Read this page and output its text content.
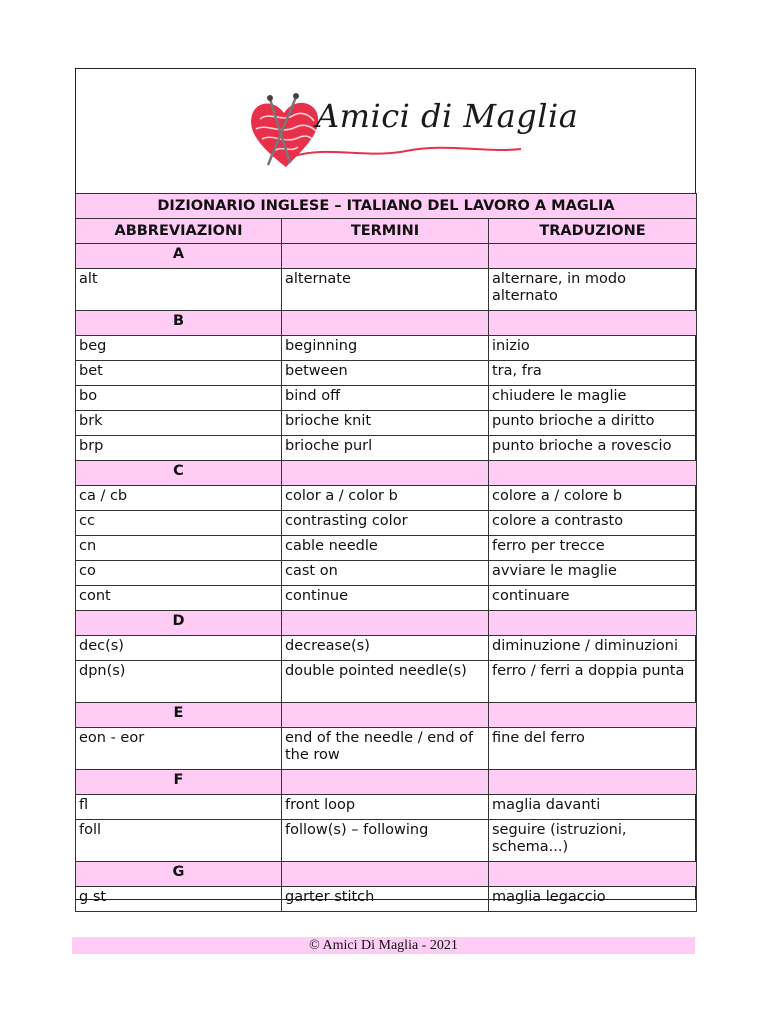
Amici di Maglia
DIZIONARIO INGLESE – ITALIANO DEL LAVORO A MAGLIA		
ABBREVIAZIONI	TERMINI	TRADUZIONE
A		
alt	alternate	alternare, in modo alternato
B		
beg	beginning	inizio
bet	between	tra, fra
bo	bind off	chiudere le maglie
brk	brioche knit	punto brioche a diritto
brp	brioche purl	punto brioche a rovescio
C		
ca / cb	color a / color b	colore a / colore b
cc	contrasting color	colore a contrasto
cn	cable needle	ferro per trecce
co	cast on	avviare le maglie
cont	continue	continuare
D		
dec(s)	decrease(s)	diminuzione / diminuzioni
dpn(s)	double pointed needle(s)	ferro / ferri a doppia punta
E		
eon - eor	end of the needle / end of the row	fine del ferro
F		
fl	front loop	maglia davanti
foll	follow(s) – following	seguire (istruzioni, schema...)
G		
g st	garter stitch	maglia legaccio
© Amici Di Maglia - 2021
